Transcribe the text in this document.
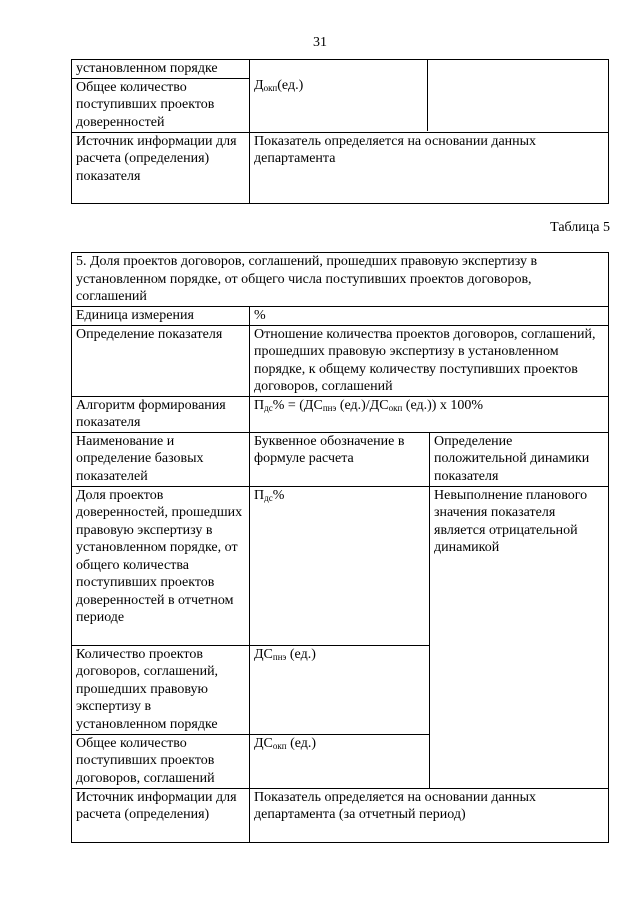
31
установленном порядке	$Д_{окп}(ед.)$

Общее количество поступивших проектов доверенностей	
Источник информации для расчета (определения) показателя	Показатель определяется на основании данных департамента
Таблица 5
5. Доля проектов договоров, соглашений, прошедших правовую экспертизу в установленном порядке, от общего числа поступивших проектов договоров, соглашений		
Единица измерения	%	
Определение показателя	Отношение количества проектов договоров, соглашений, прошедших правовую экспертизу в установленном порядке, к общему количеству поступивших проектов договоров, соглашений	
Алгоритм формирования показателя	$П_{дс}\% = (ДС_{пнэ}$ $(ед.)/ДС_{окп}$ (ед.)) х 100%	
Наименование и определение базовых показателей	Буквенное обозначение в формуле расчета	Определение положительной динамики показателя
Доля проектов доверенностей, прошедших правовую экспертизу в установленном порядке, от общего количества поступивших проектов доверенностей в отчетном периоде	$П_{дс}\%$	Невыполнение планового значения показателя является отрицательной динамикой
Количество проектов договоров, соглашений, прошедших правовую экспертизу в установленном порядке	$ДС_{пнэ}$ (ед.)	
Общее количество поступивших проектов договоров, соглашений	$ДС_{окп}$ (ед.)	
Источник информации для расчета (определения)	Показатель определяется на основании данных департамента (за отчетный период)	
